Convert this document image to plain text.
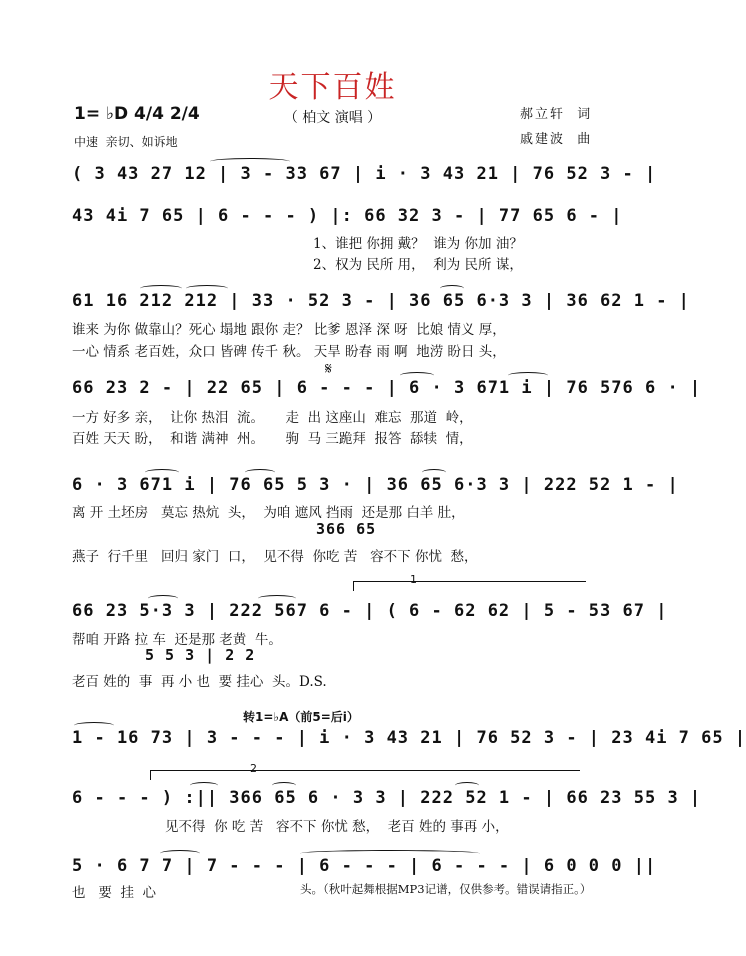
天下百姓
（ 柏文 演唱 ）
1= ♭D 4/4 2/4
中速  亲切、如诉地
郝立轩  词
戚建波  曲
( 3 43 27 12 | 3 - 33 67 | i · 3 43 21 | 76 52 3 - |
43 4i 7 65 | 6 - - - ) |: 66 32 3 - | 77 65 6 - |
1、谁把 你拥 戴？  谁为 你加 油？
2、权为 民所 用，  利为 民所 谋，
61 16 212 212 | 33 · 52 3 - | 36 65 6·3 3 | 36 62 1 - |
谁来 为你 做靠山？死心 塌地 跟你 走？ 比爹 恩泽 深 呀  比娘 情义 厚，
一心 情系 老百姓，众口 皆碑 传千 秋。 天旱 盼春 雨 啊  地涝 盼日 头，
𝄋
66 23 2 - | 22 65 | 6 - - - | 6 · 3 671 i | 76 576 6 · |
一方 好多 亲，  让你 热泪  流。     走  出 这座山  难忘  那道  岭，
百姓 天天 盼，  和谐 满神  州。     驹  马 三跪拜  报答  舔犊  情，
6 · 3 671 i | 76 65 5 3 · | 36 65 6·3 3 | 222 52 1 - |
离 开 土坯房   莫忘 热炕  头，  为咱 遮风 挡雨  还是那 白羊 肚，
366 65
燕子  行千里   回归 家门  口，  见不得  你吃 苦   容不下 你忧  愁，
1
66 23 5·3 3 | 222 567 6 - | ( 6 - 62 62 | 5 - 53 67 |
帮咱 开路 拉 车  还是那 老黄  牛。
5 5 3 | 2 2
老百 姓的  事  再 小 也  要 挂心  头。D.S.
转1=♭A（前5=后i）
1 - 16 73 | 3 - - - | i · 3 43 21 | 76 52 3 - | 23 4i 7 65 |
2
6 - - - ) :|| 366 65 6 · 3 3 | 222 52 1 - | 66 23 55 3 |
见不得  你 吃 苦   容不下 你忧 愁，  老百 姓的 事再 小，
5 · 6 7 7 | 7 - - - | 6 - - - | 6 - - - | 6 0 0 0 ||
也   要  挂  心	头。（秋叶起舞根据MP3记谱，仅供参考。错误请指正。）
